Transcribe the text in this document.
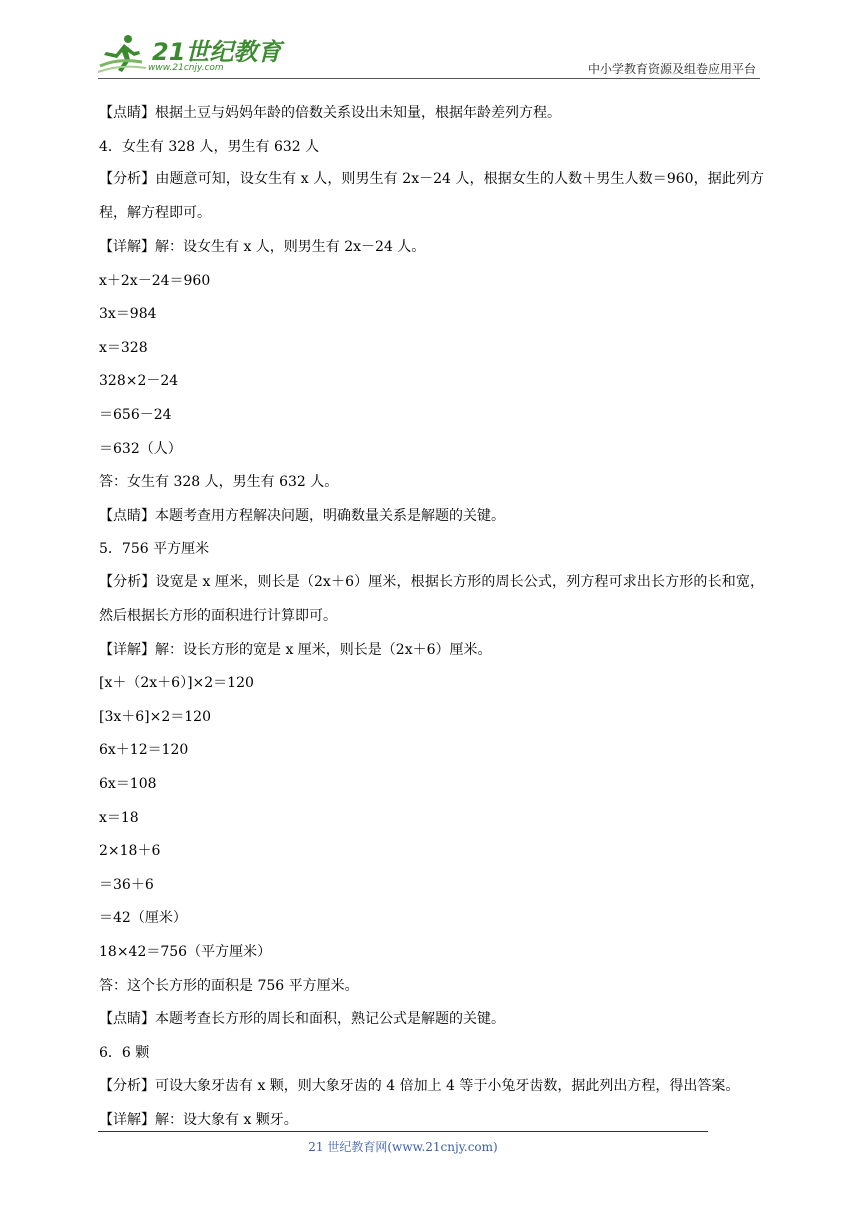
21世纪教育
www.21cnjy.com	中小学教育资源及组卷应用平台
【点睛】根据土豆与妈妈年龄的倍数关系设出未知量，根据年龄差列方程。
4．女生有 328 人，男生有 632 人
【分析】由题意可知，设女生有 x 人，则男生有 2x－24 人，根据女生的人数＋男生人数＝960，据此列方程，解方程即可。
【详解】解：设女生有 x 人，则男生有 2x－24 人。
x＋2x－24＝960
3x＝984
x＝328
328×2－24
＝656－24
＝632（人）
答：女生有 328 人，男生有 632 人。
【点睛】本题考查用方程解决问题，明确数量关系是解题的关键。
5．756 平方厘米
【分析】设宽是 x 厘米，则长是（2x＋6）厘米，根据长方形的周长公式，列方程可求出长方形的长和宽，然后根据长方形的面积进行计算即可。
【详解】解：设长方形的宽是 x 厘米，则长是（2x＋6）厘米。
[x＋（2x＋6）]×2＝120
[3x＋6]×2＝120
6x＋12＝120
6x＝108
x＝18
2×18＋6
＝36＋6
＝42（厘米）
18×42＝756（平方厘米）
答：这个长方形的面积是 756 平方厘米。
【点睛】本题考查长方形的周长和面积，熟记公式是解题的关键。
6．6 颗
【分析】可设大象牙齿有 x 颗，则大象牙齿的 4 倍加上 4 等于小兔牙齿数，据此列出方程，得出答案。
【详解】解：设大象有 x 颗牙。
21 世纪教育网(www.21cnjy.com)
